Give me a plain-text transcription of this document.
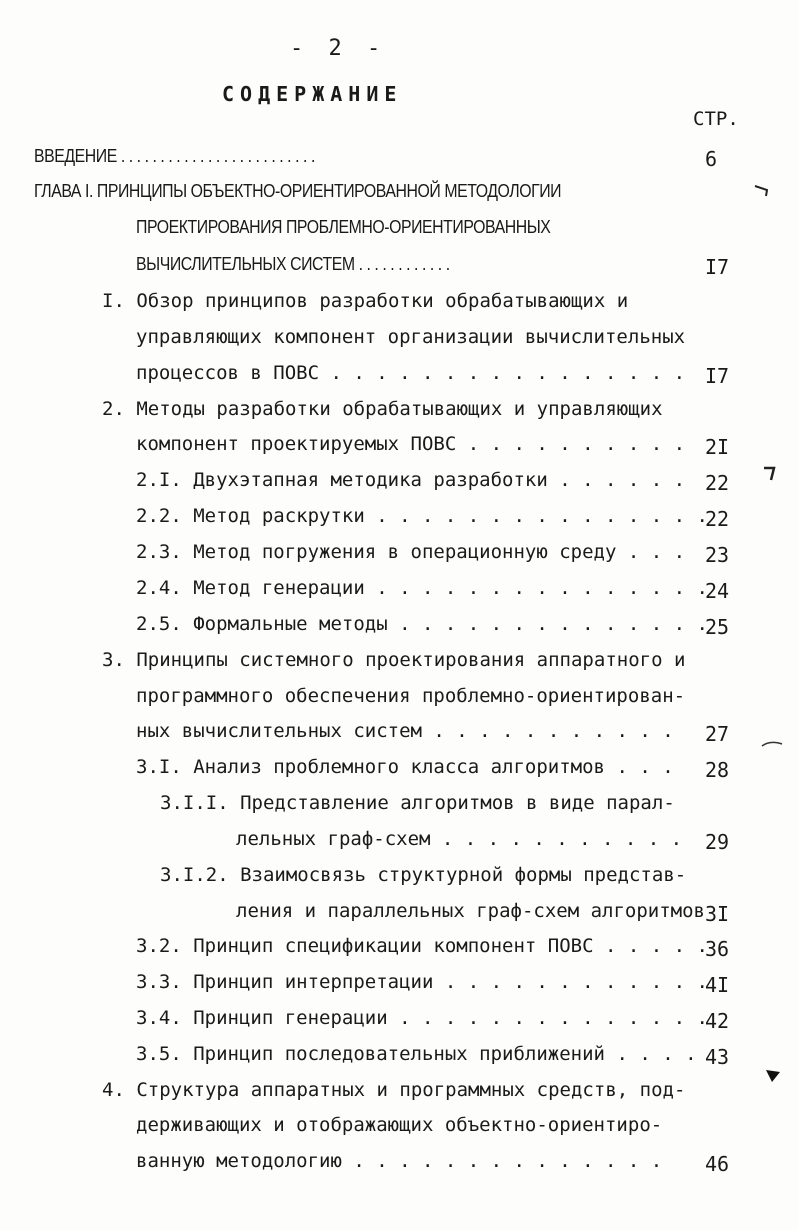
- 2 -
СОДЕРЖАНИЕ
СТР.
ВВЕДЕНИЕ . . . . . . . . . . . . . . . . . . . . . . . . .	6
ГЛАВА I. ПРИНЦИПЫ ОБЪЕКТНО-ОРИЕНТИРОВАННОЙ МЕТОДОЛОГИИ
ПРОЕКТИРОВАНИЯ ПРОБЛЕМНО-ОРИЕНТИРОВАННЫХ
ВЫЧИСЛИТЕЛЬНЫХ СИСТЕМ . . . . . . . . . . . .	I7
I. Обзор принципов разработки обрабатывающих и
управляющих компонент организации вычислительных
процессов в ПОВС . . . . . . . . . . . . . . . . I7
2. Методы разработки обрабатывающих и управляющих
компонент проектируемых ПОВС . . . . . . . . . . 2I
2.I. Двухэтапная методика разработки . . . . . . 22
2.2. Метод раскрутки . . . . . . . . . . . . . . .
22
2.3. Метод погружения в операционную среду . . . 23
2.4. Метод генерации . . . . . . . . . . . . . . .
24
2.5. Формальные методы . . . . . . . . . . . . . .
25
3. Принципы системного проектирования аппаратного и
программного обеспечения проблемно-ориентирован-
ных вычислительных систем . . . . . . . . . . . 27
3.I. Анализ проблемного класса алгоритмов . . . 28
3.I.I. Представление алгоритмов в виде парал-
лельных граф-схем . . . . . . . . . . . 29
3.I.2. Взаимосвязь структурной формы представ-
ления и параллельных граф-схем алгоритмов 3I
3.2. Принцип спецификации компонент ПОВС . . . . .
36
3.3. Принцип интерпретации . . . . . . . . . . . .
4I
3.4. Принцип генерации . . . . . . . . . . . . . .
42
3.5. Принцип последовательных приближений . . . . 43
4. Структура аппаратных и программных средств, под-
держивающих и отображающих объектно-ориентиро-
ванную методологию . . . . . . . . . . . . . . 46
